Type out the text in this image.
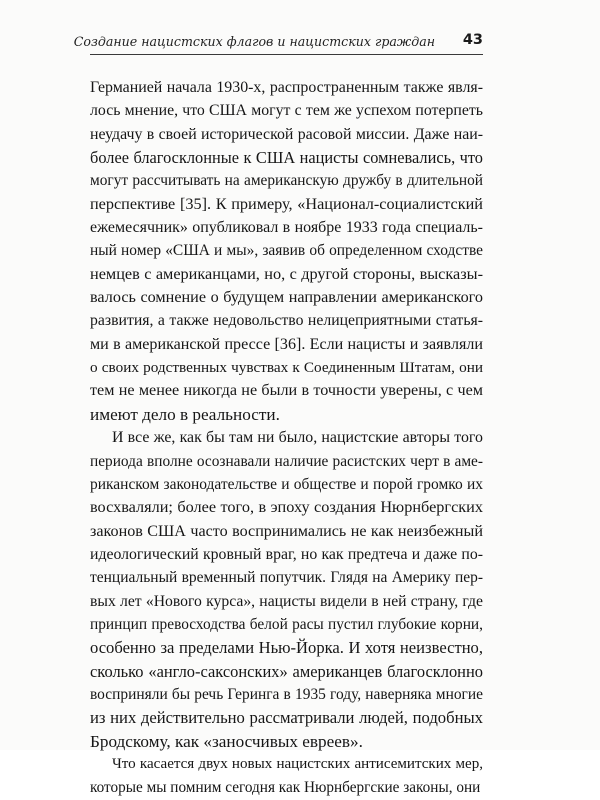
Создание нацистских флагов и нацистских граждан 43
Германией начала 1930-х, распространенным также явля-
лось мнение, что США могут с тем же успехом потерпеть
неудачу в своей исторической расовой миссии. Даже наи-
более благосклонные к США нацисты сомневались, что
могут рассчитывать на американскую дружбу в длительной
перспективе [35]. К примеру, «Национал-социалистский
ежемесячник» опубликовал в ноябре 1933 года специаль-
ный номер «США и мы», заявив об определенном сходстве
немцев с американцами, но, с другой стороны, высказы-
валось сомнение о будущем направлении американского
развития, а также недовольство нелицеприятными статья-
ми в американской прессе [36]. Если нацисты и заявляли
о своих родственных чувствах к Соединенным Штатам, они
тем не менее никогда не были в точности уверены, с чем
имеют дело в реальности.
И все же, как бы там ни было, нацистские авторы того
периода вполне осознавали наличие расистских черт в аме-
риканском законодательстве и обществе и порой громко их
восхваляли; более того, в эпоху создания Нюрнбергских
законов США часто воспринимались не как неизбежный
идеологический кровный враг, но как предтеча и даже по-
тенциальный временный попутчик. Глядя на Америку пер-
вых лет «Нового курса», нацисты видели в ней страну, где
принцип превосходства белой расы пустил глубокие корни,
особенно за пределами Нью-Йорка. И хотя неизвестно,
сколько «англо-саксонских» американцев благосклонно
восприняли бы речь Геринга в 1935 году, наверняка многие
из них действительно рассматривали людей, подобных
Бродскому, как «заносчивых евреев».
Что касается двух новых нацистских антисемитских мер,
которые мы помним сегодня как Нюрнбергские законы, они
